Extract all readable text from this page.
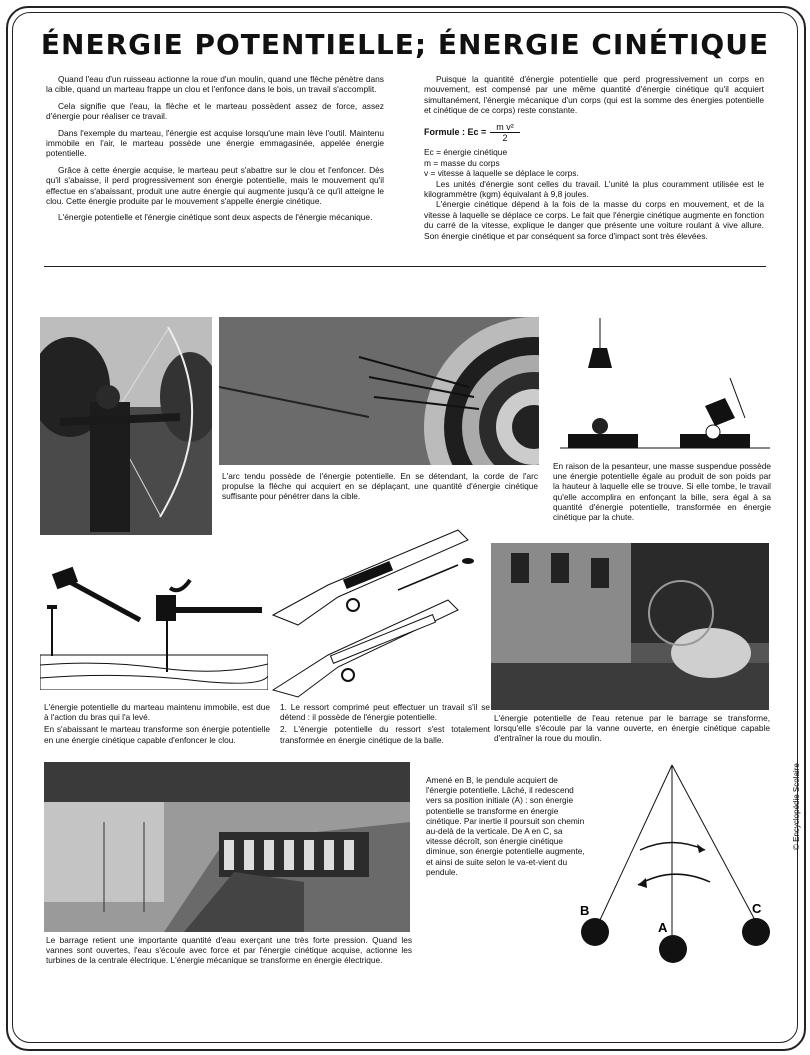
ÉNERGIE POTENTIELLE; ÉNERGIE CINÉTIQUE

Quand l'eau d'un ruisseau actionne la roue d'un moulin, quand une flèche pénètre dans la cible, quand un marteau frappe un clou et l'enfonce dans le bois, un travail s'accomplit.

Cela signifie que l'eau, la flèche et le marteau possèdent assez de force, assez d'énergie pour réaliser ce travail.

Dans l'exemple du marteau, l'énergie est acquise lorsqu'une main lève l'outil. Maintenu immobile en l'air, le marteau possède une énergie emmagasinée, appelée énergie potentielle.

Grâce à cette énergie acquise, le marteau peut s'abattre sur le clou et l'enfoncer. Dès qu'il s'abaisse, il perd progressivement son énergie potentielle, mais le mouvement qu'il effectue en s'abaissant, produit une autre énergie qui augmente jusqu'à ce qu'il atteigne le clou. Cette énergie produite par le mouvement s'appelle énergie cinétique.

L'énergie potentielle et l'énergie cinétique sont deux aspects de l'énergie mécanique.

Puisque la quantité d'énergie potentielle que perd progressivement un corps en mouvement, est compensé par une même quantité d'énergie cinétique qu'il acquiert simultanément, l'énergie mécanique d'un corps (qui est la somme des énergies potentielle et cinétique de ce corps) reste constante.

Formule : $Ec = \frac{\text{m v²}}{2}$
Ec = énergie cinétique
m = masse du corps
v = vitesse à laquelle se déplace le corps.

Les unités d'énergie sont celles du travail. L'unité la plus couramment utilisée est le kilogrammètre (kgm) équivalant à 9,8 joules.

L'énergie cinétique dépend à la fois de la masse du corps en mouvement, et de la vitesse à laquelle se déplace ce corps. Le fait que l'énergie cinétique augmente en fonction du carré de la vitesse, explique le danger que présente une voiture roulant à vive allure. Son énergie cinétique et par conséquent sa force d'impact sont très élevées.

L'arc tendu possède de l'énergie potentielle. En se détendant, la corde de l'arc propulse la flèche qui acquiert en se déplaçant, une quantité d'énergie cinétique suffisante pour pénétrer dans la cible.
En raison de la pesanteur, une masse suspendue possède une énergie potentielle égale au produit de son poids par la hauteur à laquelle elle se trouve. Si elle tombe, le travail qu'elle accomplira en enfonçant la bille, sera égal à sa quantité d'énergie potentielle, transformée en énergie cinétique par la chute.

L'énergie potentielle du marteau maintenu immobile, est due à l'action du bras qui l'a levé.

En s'abaissant le marteau transforme son énergie potentielle en une énergie cinétique capable d'enfoncer le clou.

1. Le ressort comprimé peut effectuer un travail s'il se détend : il possède de l'énergie potentielle.

2. L'énergie potentielle du ressort s'est totalement transformée en énergie cinétique de la balle.

L'énergie potentielle de l'eau retenue par le barrage se transforme, lorsqu'elle s'écoule par la vanne ouverte, en énergie cinétique capable d'entraîner la roue du moulin.
Le barrage retient une importante quantité d'eau exerçant une très forte pression. Quand les vannes sont ouvertes, l'eau s'écoule avec force et par l'énergie cinétique acquise, actionne les turbines de la centrale électrique. L'énergie mécanique se transforme en énergie électrique.
Amené en B, le pendule acquiert de l'énergie potentielle. Lâché, il redescend vers sa position initiale (A) : son énergie potentielle se transforme en énergie cinétique. Par inertie il poursuit son chemin au-delà de la verticale. De A en C, sa vitesse décroît, son énergie cinétique diminue, son énergie potentielle augmente, et ainsi de suite selon le va-et-vient du pendule.
B
A
C
© Encyclopédie Scolaire
